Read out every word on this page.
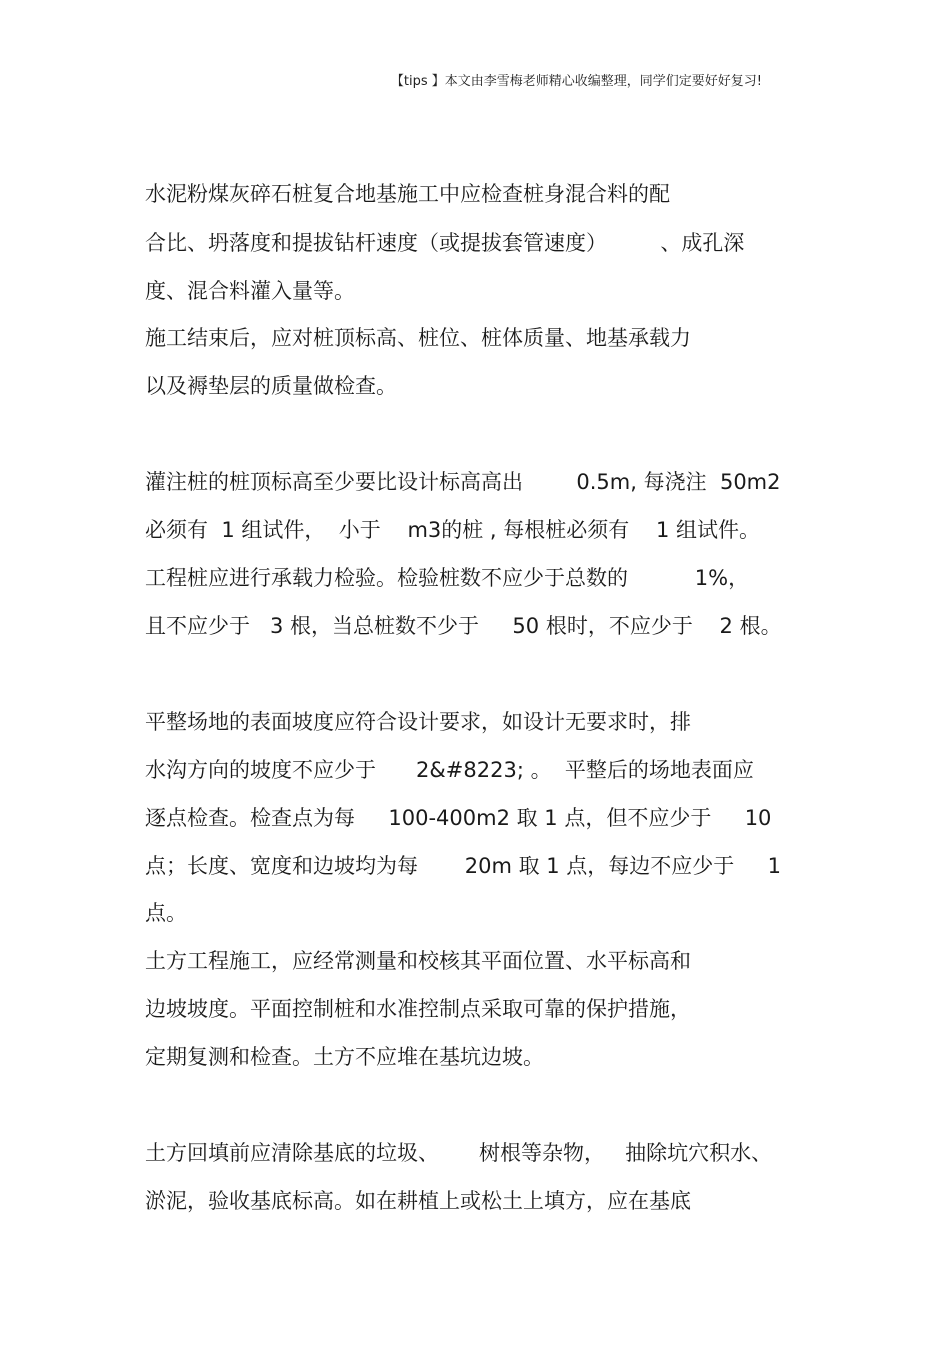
【tips 】本文由李雪梅老师精心收编整理，同学们定要好好复习!
水泥粉煤灰碎石桩复合地基施工中应检查桩身混合料的配
合比、坍落度和提拔钻杆速度（或提拔套管速度）        、成孔深
度、混合料灌入量等。
施工结束后，应对桩顶标高、桩位、桩体质量、地基承载力
以及褥垫层的质量做检查。
灌注桩的桩顶标高至少要比设计标高高出        0.5m, 每浇注  50m2
必须有  1 组试件，  小于    m3的桩 , 每根桩必须有    1 组试件。
工程桩应进行承载力检验。检验桩数不应少于总数的          1%，
且不应少于   3 根，当总桩数不少于     50 根时，不应少于    2 根。
平整场地的表面坡度应符合设计要求，如设计无要求时，排
水沟方向的坡度不应少于      2&#8223; 。  平整后的场地表面应
逐点检查。检查点为每     100-400m2 取 1 点，但不应少于     10
点；长度、宽度和边坡均为每       20m 取 1 点，每边不应少于     1
点。
土方工程施工，应经常测量和校核其平面位置、水平标高和
边坡坡度。平面控制桩和水准控制点采取可靠的保护措施，
定期复测和检查。土方不应堆在基坑边坡。
土方回填前应清除基底的垃圾、      树根等杂物，   抽除坑穴积水、
淤泥，验收基底标高。如在耕植上或松土上填方，应在基底
